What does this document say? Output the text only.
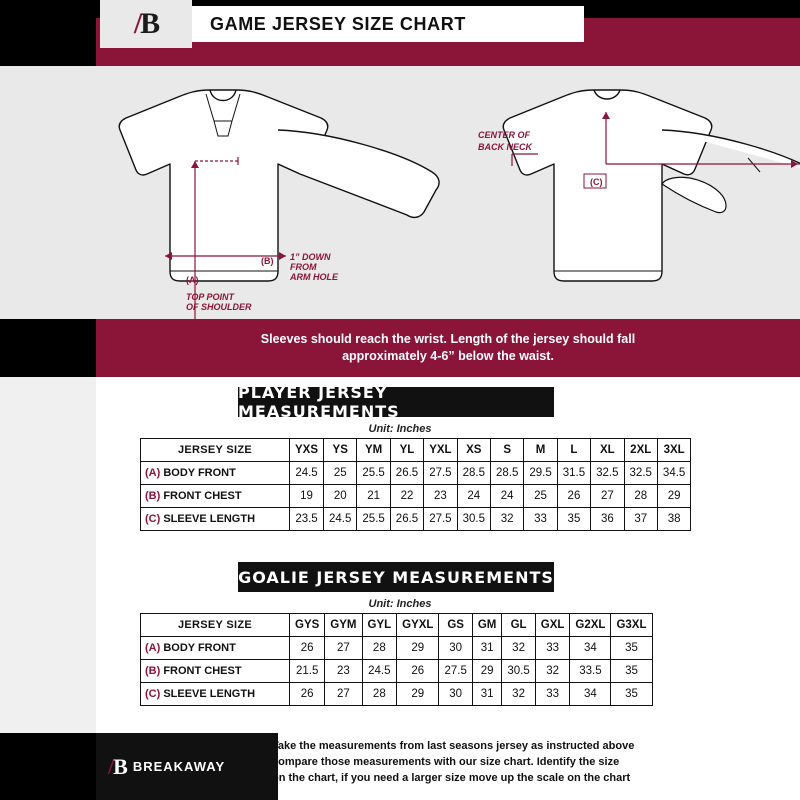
/B	GAME JERSEY SIZE CHART
(A)
TOP POINT
OF SHOULDER
(B) 1” DOWN
FROM
ARM HOLE
CENTER OF
BACK NECK
(C)
Sleeves should reach the wrist. Length of the jersey should fall
approximately 4-6” below the waist.
PLAYER JERSEY MEASUREMENTS
Unit: Inches
JERSEY SIZE	YXS	YS	YM	YL	YXL	XS	S	M	L	XL	2XL	3XL
(A) BODY FRONT	24.5	25	25.5	26.5	27.5	28.5	28.5	29.5	31.5	32.5	32.5	34.5
(B) FRONT CHEST	19	20	21	22	23	24	24	25	26	27	28	29
(C) SLEEVE LENGTH	23.5	24.5	25.5	26.5	27.5	30.5	32	33	35	36	37	38
GOALIE JERSEY MEASUREMENTS
Unit: Inches
JERSEY SIZE	GYS	GYM	GYL	GYXL	GS	GM	GL	GXL	G2XL	G3XL
(A) BODY FRONT	26	27	28	29	30	31	32	33	34	35
(B) FRONT CHEST	21.5	23	24.5	26	27.5	29	30.5	32	33.5	35
(C) SLEEVE LENGTH	26	27	28	29	30	31	32	33	34	35
/B BREAKAWAY
Take the measurements from last seasons jersey as instructed above
compare those measurements with our size chart. Identify the size
on the chart, if you need a larger size move up the scale on the chart
